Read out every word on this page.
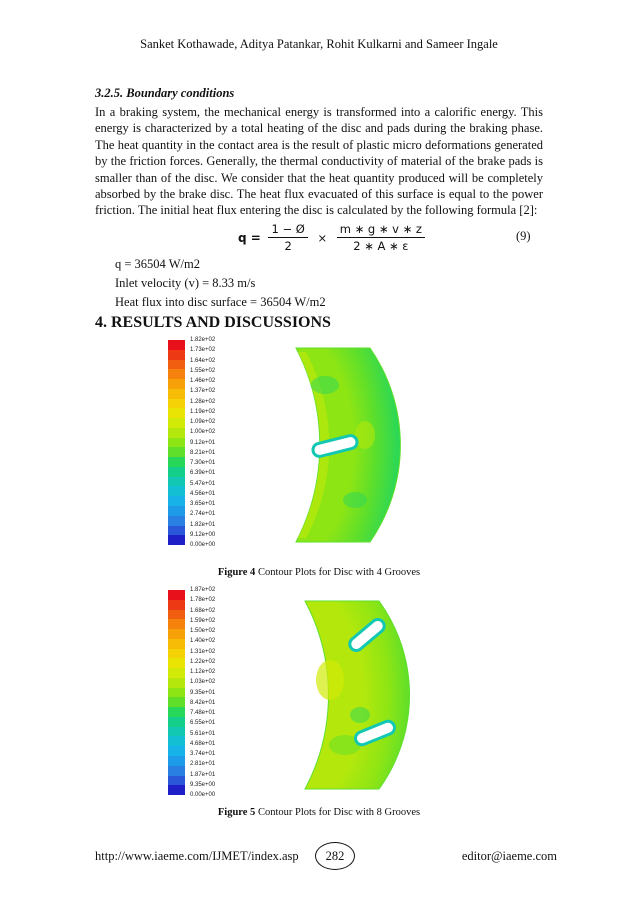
Sanket Kothawade, Aditya Patankar, Rohit Kulkarni and Sameer Ingale
3.2.5. Boundary conditions
In a braking system, the mechanical energy is transformed into a calorific energy. This energy is characterized by a total heating of the disc and pads during the braking phase. The heat quantity in the contact area is the result of plastic micro deformations generated by the friction forces. Generally, the thermal conductivity of material of the brake pads is smaller than of the disc. We consider that the heat quantity produced will be completely absorbed by the brake disc. The heat flux evacuated of this surface is equal to the power friction. The initial heat flux entering the disc is calculated by the following formula [2]:
$q = \frac{1 - Ø}{2} \times \frac{m ∗ g ∗ v ∗ z}{2 ∗ A ∗ \varepsilon}$	(9)
q = 36504 W/m2
Inlet velocity (v) = 8.33 m/s
Heat flux into disc surface = 36504 W/m2
4. RESULTS AND DISCUSSIONS
1.82e+02
1.73e+02
1.64e+02
1.55e+02
1.46e+02
1.37e+02
1.28e+02
1.19e+02
1.09e+02
1.00e+02
9.12e+01
8.21e+01
7.30e+01
6.39e+01
5.47e+01
4.56e+01
3.65e+01
2.74e+01
1.82e+01
9.12e+00
0.00e+00
Figure 4 Contour Plots for Disc with 4 Grooves
1.87e+02
1.78e+02
1.68e+02
1.59e+02
1.50e+02
1.40e+02
1.31e+02
1.22e+02
1.12e+02
1.03e+02
9.35e+01
8.42e+01
7.48e+01
6.55e+01
5.61e+01
4.68e+01
3.74e+01
2.81e+01
1.87e+01
9.35e+00
0.00e+00
Figure 5 Contour Plots for Disc with 8 Grooves
http://www.iaeme.com/IJMET/index.asp	282	editor@iaeme.com
